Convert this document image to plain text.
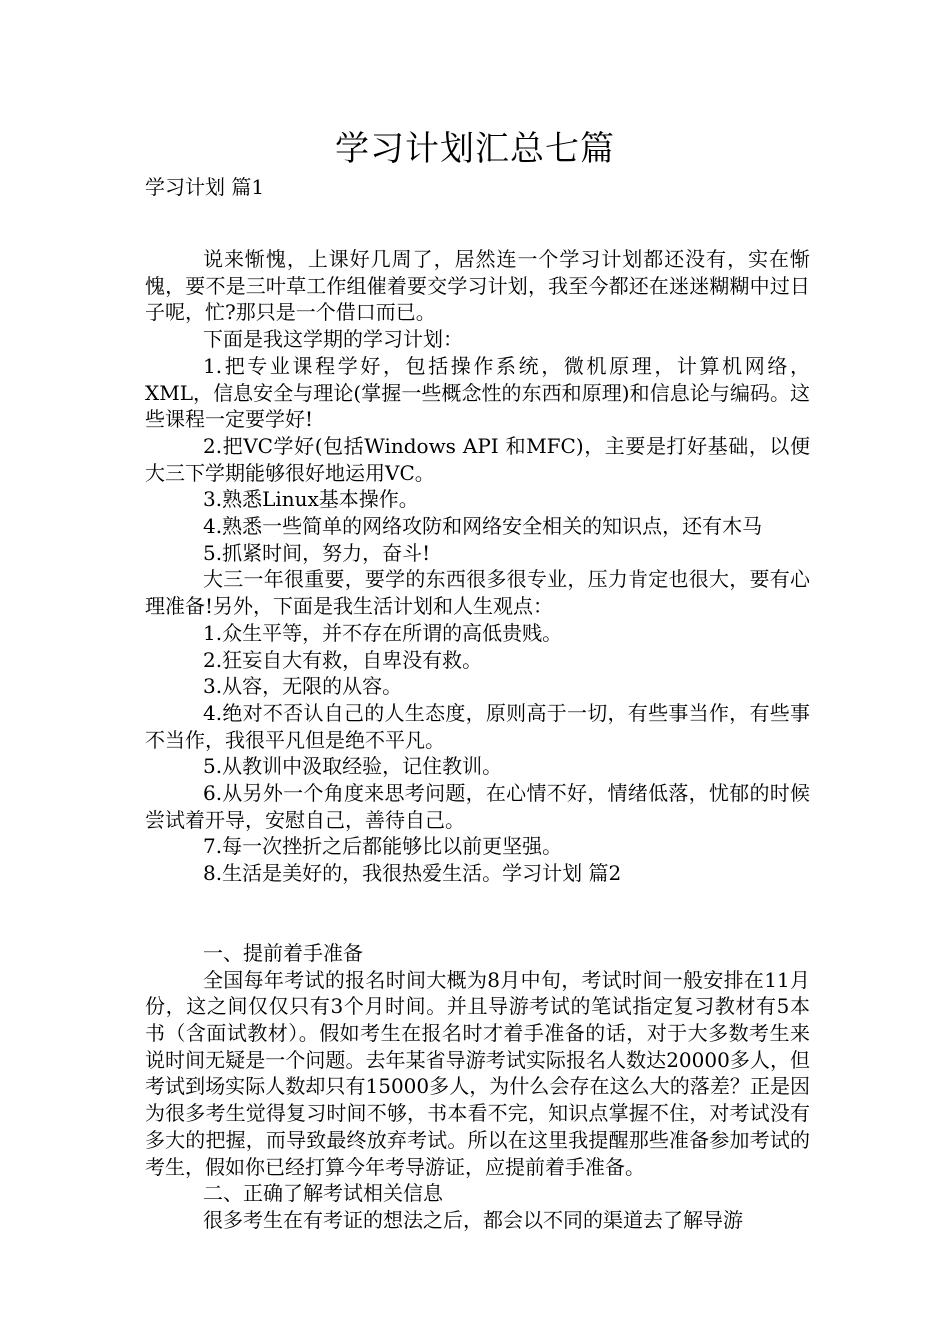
学习计划汇总七篇

学习计划 篇1

说来惭愧，上课好几周了，居然连一个学习计划都还没有，实在惭愧，要不是三叶草工作组催着要交学习计划，我至今都还在迷迷糊糊中过日子呢，忙?那只是一个借口而已。

下面是我这学期的学习计划：

1.把专业课程学好，包括操作系统，微机原理，计算机网络，XML，信息安全与理论(掌握一些概念性的东西和原理)和信息论与编码。这些课程一定要学好!

2.把VC学好(包括Windows API 和MFC)，主要是打好基础，以便大三下学期能够很好地运用VC。

3.熟悉Linux基本操作。

4.熟悉一些简单的网络攻防和网络安全相关的知识点，还有木马

5.抓紧时间，努力，奋斗!

大三一年很重要，要学的东西很多很专业，压力肯定也很大，要有心理准备!另外，下面是我生活计划和人生观点：

1.众生平等，并不存在所谓的高低贵贱。

2.狂妄自大有救，自卑没有救。

3.从容，无限的从容。

4.绝对不否认自己的人生态度，原则高于一切，有些事当作，有些事不当作，我很平凡但是绝不平凡。

5.从教训中汲取经验，记住教训。

6.从另外一个角度来思考问题，在心情不好，情绪低落，忧郁的时候尝试着开导，安慰自己，善待自己。

7.每一次挫折之后都能够比以前更坚强。

8.生活是美好的，我很热爱生活。学习计划 篇2

一、提前着手准备

全国每年考试的报名时间大概为8月中旬，考试时间一般安排在11月份，这之间仅仅只有3个月时间。并且导游考试的笔试指定复习教材有5本书（含面试教材）。假如考生在报名时才着手准备的话，对于大多数考生来说时间无疑是一个问题。去年某省导游考试实际报名人数达20000多人，但考试到场实际人数却只有15000多人，为什么会存在这么大的落差？正是因为很多考生觉得复习时间不够，书本看不完，知识点掌握不住，对考试没有多大的把握，而导致最终放弃考试。所以在这里我提醒那些准备参加考试的考生，假如你已经打算今年考导游证，应提前着手准备。

二、正确了解考试相关信息

很多考生在有考证的想法之后，都会以不同的渠道去了解导游
